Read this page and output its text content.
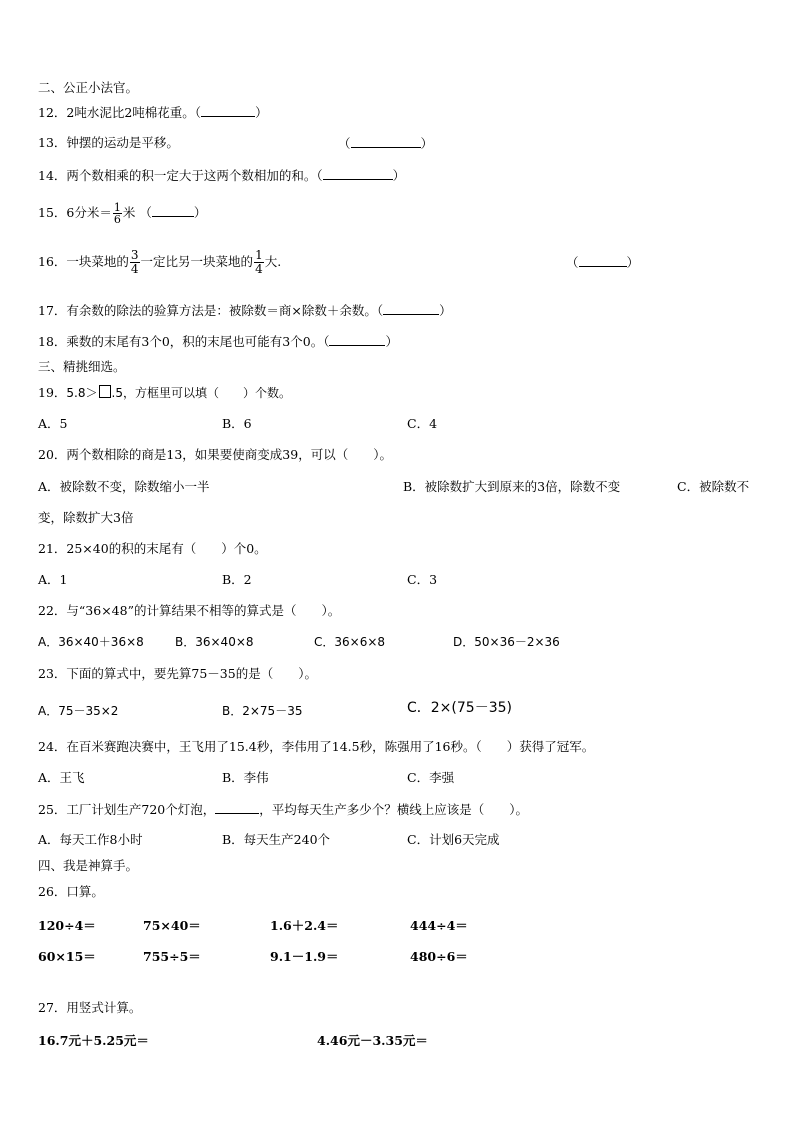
二、公正小法官。
12．2吨水泥比2吨棉花重。（	）
13．钟摆的运动是平移。	（	）
14．两个数相乘的积一定大于这两个数相加的和。（	）
15．6分米＝ $\frac{1}{6}$ 米 （	）
16．一块菜地的 $\frac{3}{4}$ 一定比另一块菜地的 $\frac{1}{4}$ 大.	（	）
17．有余数的除法的验算方法是：被除数＝商×除数＋余数。（	）
18．乘数的末尾有3个0，积的末尾也可能有3个0。（	）
三、精挑细选。
19．5.8＞ .5，方框里可以填（　　）个数。
A．5	B．6	C．4
20．两个数相除的商是13，如果要使商变成39，可以（　　）。
A．被除数不变，除数缩小一半	B．被除数扩大到原来的3倍，除数不变	C．被除数不
变，除数扩大3倍
21．25×40的积的末尾有（　　）个0。
A．1	B．2	C．3
22．与“36×48”的计算结果不相等的算式是（　　）。
A．36×40＋36×8	B．36×40×8	C．36×6×8	D．50×36－2×36
23．下面的算式中，要先算75－35的是（　　）。
A．75－35×2	B．2×75－35	C．2×(75－35)
24．在百米赛跑决赛中，王飞用了15.4秒，李伟用了14.5秒，陈强用了16秒。（　　）获得了冠军。
A．王飞	B．李伟	C．李强
25．工厂计划生产720个灯泡，	，平均每天生产多少个？横线上应该是（　　）。
A．每天工作8小时	B．每天生产240个	C．计划6天完成
四、我是神算手。
26．口算。
120÷4＝	75×40＝	1.6＋2.4＝	444÷4＝
60×15＝	755÷5＝	9.1－1.9＝	480÷6＝
27．用竖式计算。
16.7元＋5.25元＝	4.46元－3.35元＝
